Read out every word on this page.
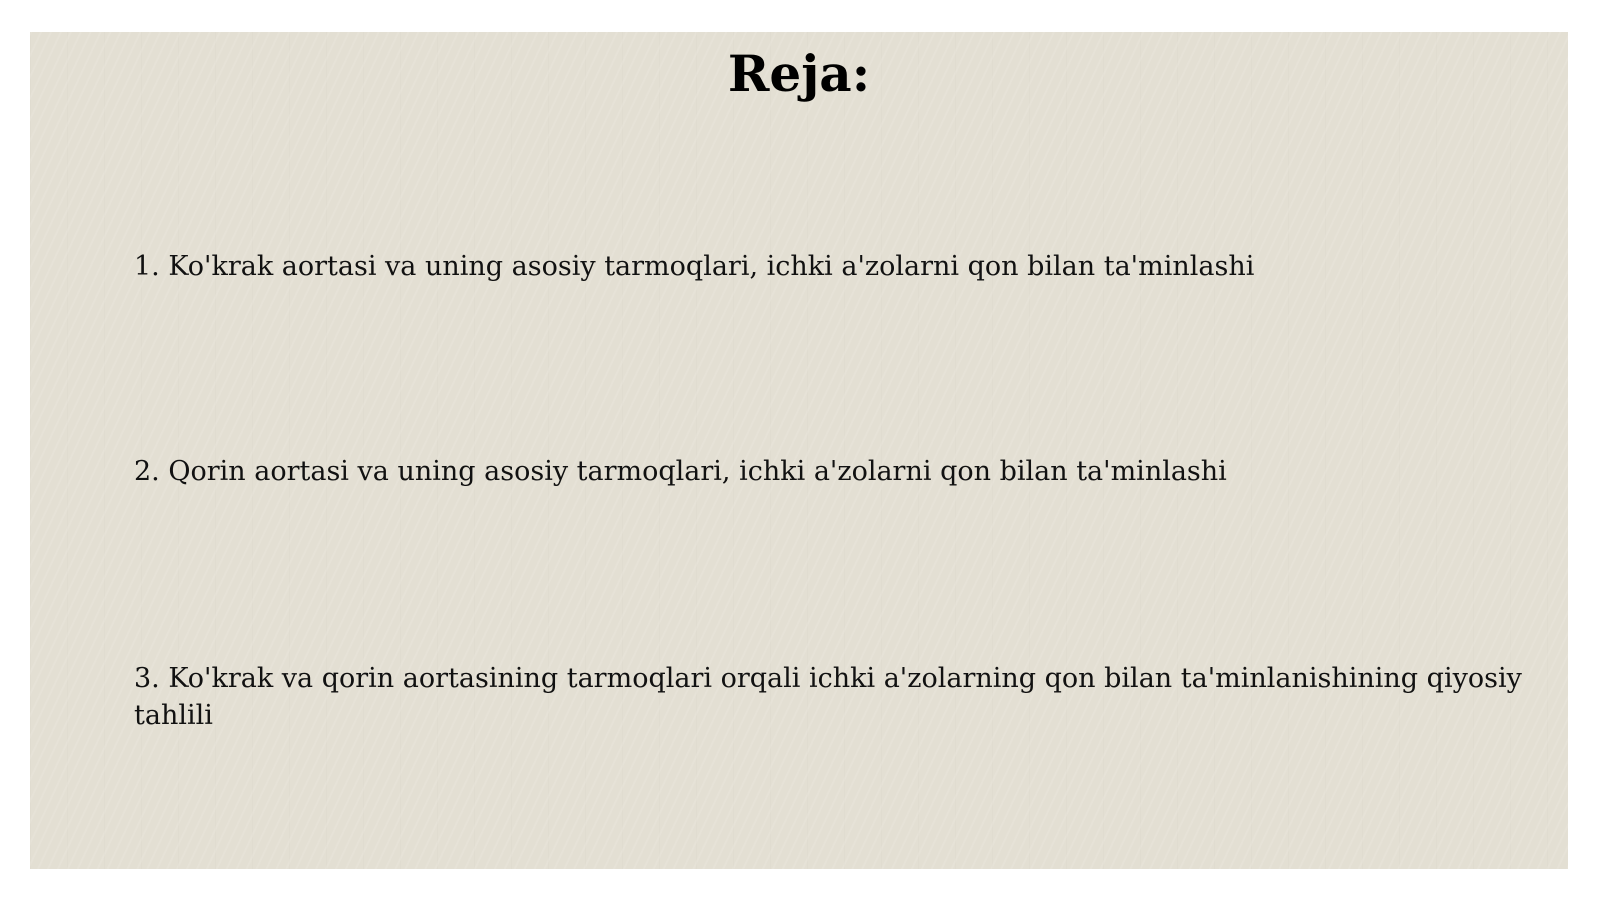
Reja:
1. Ko'krak aortasi va uning asosiy tarmoqlari, ichki a'zolarni qon bilan ta'minlashi
2. Qorin aortasi va uning asosiy tarmoqlari, ichki a'zolarni qon bilan ta'minlashi
3. Ko'krak va qorin aortasining tarmoqlari orqali ichki a'zolarning qon bilan ta'minlanishining qiyosiy tahlili
